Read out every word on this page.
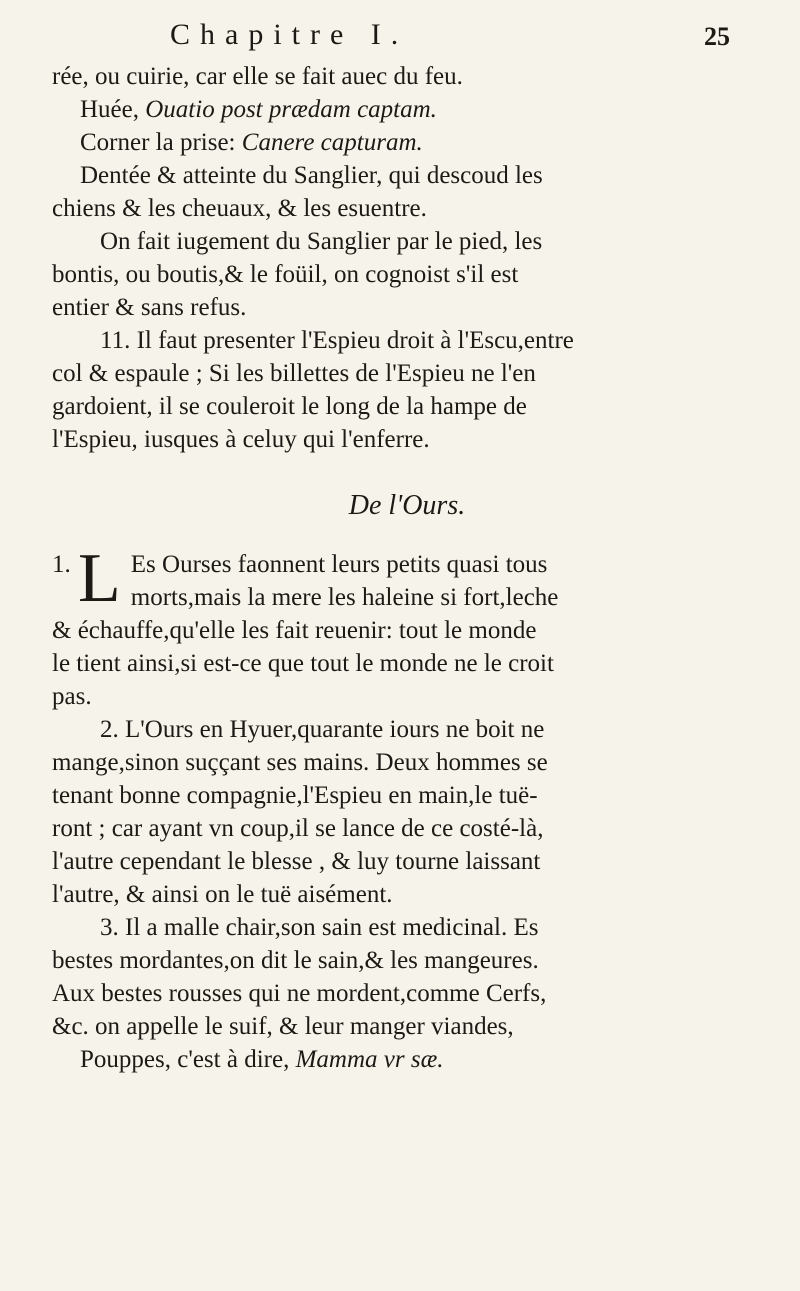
Chapitre I.	25
rée, ou cuirie, car elle se fait auec du feu.
Huée, Ouatio post prædam captam.
Corner la prise: Canere capturam.
Dentée & atteinte du Sanglier, qui descoud les
chiens & les cheuaux, & les esuentre.
On fait iugement du Sanglier par le pied, les
bontis, ou boutis,& le foüil, on cognoist s'il est
entier & sans refus.
11. Il faut presenter l'Espieu droit à l'Escu,entre
col & espaule ; Si les billettes de l'Espieu ne l'en
gardoient, il se couleroit le long de la hampe de
l'Espieu, iusques à celuy qui l'enferre.
De l'Ours.
1. L Es Ourses faonnent leurs petits quasi tous
morts,mais la mere les haleine si fort,leche
& échauffe,qu'elle les fait reuenir: tout le monde
le tient ainsi,si est-ce que tout le monde ne le croit
pas.
2. L'Ours en Hyuer,quarante iours ne boit ne
mange,sinon suççant ses mains. Deux hommes se
tenant bonne compagnie,l'Espieu en main,le tuë-
ront ; car ayant vn coup,il se lance de ce costé-là,
l'autre cependant le blesse , & luy tourne laissant
l'autre, & ainsi on le tuë aisément.
3. Il a malle chair,son sain est medicinal. Es
bestes mordantes,on dit le sain,& les mangeures.
Aux bestes rousses qui ne mordent,comme Cerfs,
&c. on appelle le suif, & leur manger viandes,
Pouppes, c'est à dire, Mamma vr sæ.
